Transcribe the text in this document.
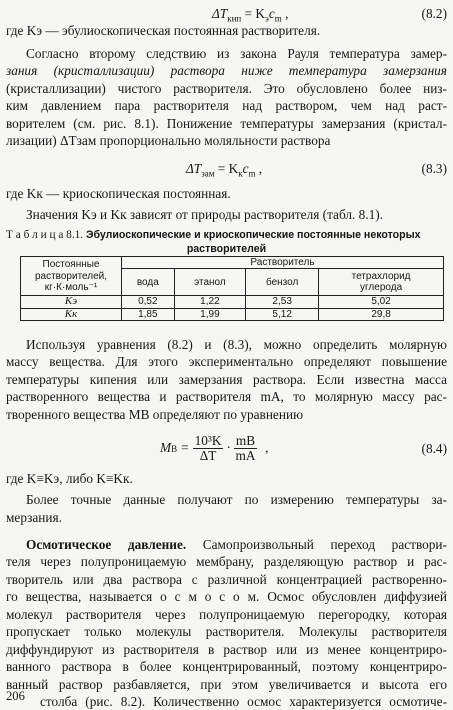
$\Delta T_{кип} = K_эc_m$ ,	(8.2)
где Kэ — эбулиоскопическая постоянная растворителя.
Согласно второму следствию из закона Рауля температура замер-
зания (кристаллизации) раствора ниже температура замерзания
(кристаллизации) чистого растворителя. Это обусловлено более низ-
ким давлением пара растворителя над раствором, чем над раст-
ворителем (см. рис. 8.1). Понижение температуры замерзания (кристал-
лизации) ΔTзам пропорционально моляльности раствора
$\Delta T_{зам} = K_кc_m$ ,	(8.3)
где Kк — криоскопическая постоянная.
Значения Kэ и Kк зависят от природы растворителя (табл. 8.1).
Т а б л и ц а 8.1. Эбулиоскопические и криоскопические постоянные некоторых
растворителей
Постоянные
растворителей,
кг·К·моль⁻¹	Растворитель			
	вода	этанол	бензол	тетрахлорид
углерода

Kэ	0,52	1,22	2,53	5,02
Kк	1,85	1,99	5,12	29,8
Используя уравнения (8.2) и (8.3), можно определить молярную
массу вещества. Для этого экспериментально определяют повышение
температуры кипения или замерзания раствора. Если известна масса
растворенного вещества и растворителя mA, то молярную массу рас-
творенного вещества MB определяют по уравнению
M $B = \frac{\text{10³K}}{\Delta T} \cdot \frac{mB}{mA}$ ,	(8.4)
где K≡Kэ, либо K≡Kк.
Более точные данные получают по измерению температуры за-
мерзания.
Осмотическое давление. Самопроизвольный переход раствори-
теля через полупроницаемую мембрану, разделяющую раствор и рас-
творитель или два раствора с различной концентрацией растворенно-
го вещества, называется о с м о с о м. Осмос обусловлен диффузией
молекул растворителя через полупроницаемую перегородку, которая
пропускает только молекулы растворителя. Молекулы растворителя
диффундируют из растворителя в раствор или из менее концентриро-
ванного раствора в более концентрированный, поэтому концентриро-
ванный раствор разбавляется, при этом увеличивается и высота его
столба (рис. 8.2). Количественно осмос характеризуется осмотиче-
206
